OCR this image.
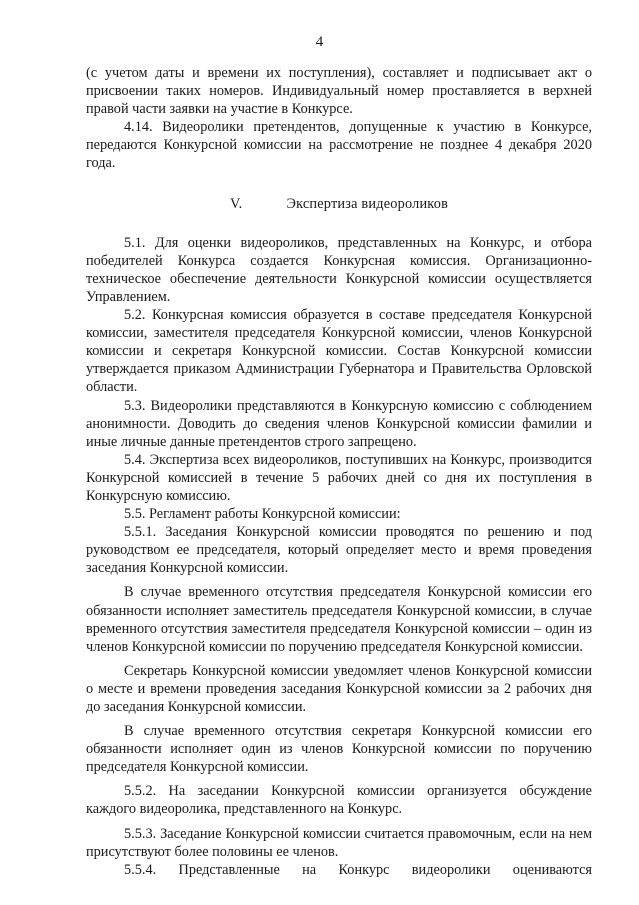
4

(с учетом даты и времени их поступления), составляет и подписывает акт о присвоении таких номеров. Индивидуальный номер проставляется в верхней правой части заявки на участие в Конкурсе.

4.14. Видеоролики претендентов, допущенные к участию в Конкурсе, передаются Конкурсной комиссии на рассмотрение не позднее 4 декабря 2020 года.

V.	Экспертиза видеороликов

5.1. Для оценки видеороликов, представленных на Конкурс, и отбора победителей Конкурса создается Конкурсная комиссия. Организационно-техническое обеспечение деятельности Конкурсной комиссии осуществляется Управлением.

5.2. Конкурсная комиссия образуется в составе председателя Конкурсной комиссии, заместителя председателя Конкурсной комиссии, членов Конкурсной комиссии и секретаря Конкурсной комиссии. Состав Конкурсной комиссии утверждается приказом Администрации Губернатора и Правительства Орловской области.

5.3. Видеоролики представляются в Конкурсную комиссию с соблюдением анонимности. Доводить до сведения членов Конкурсной комиссии фамилии и иные личные данные претендентов строго запрещено.

5.4. Экспертиза всех видеороликов, поступивших на Конкурс, производится Конкурсной комиссией в течение 5 рабочих дней со дня их поступления в Конкурсную комиссию.

5.5. Регламент работы Конкурсной комиссии:

5.5.1. Заседания Конкурсной комиссии проводятся по решению и под руководством ее председателя, который определяет место и время проведения заседания Конкурсной комиссии.

В случае временного отсутствия председателя Конкурсной комиссии его обязанности исполняет заместитель председателя Конкурсной комиссии, в случае временного отсутствия заместителя председателя Конкурсной комиссии – один из членов Конкурсной комиссии по поручению председателя Конкурсной комиссии.

Секретарь Конкурсной комиссии уведомляет членов Конкурсной комиссии о месте и времени проведения заседания Конкурсной комиссии за 2 рабочих дня до заседания Конкурсной комиссии.

В случае временного отсутствия секретаря Конкурсной комиссии его обязанности исполняет один из членов Конкурсной комиссии по поручению председателя Конкурсной комиссии.

5.5.2. На заседании Конкурсной комиссии организуется обсуждение каждого видеоролика, представленного на Конкурс.

5.5.3. Заседание Конкурсной комиссии считается правомочным, если на нем присутствуют более половины ее членов.

5.5.4. Представленные на Конкурс видеоролики оцениваются
